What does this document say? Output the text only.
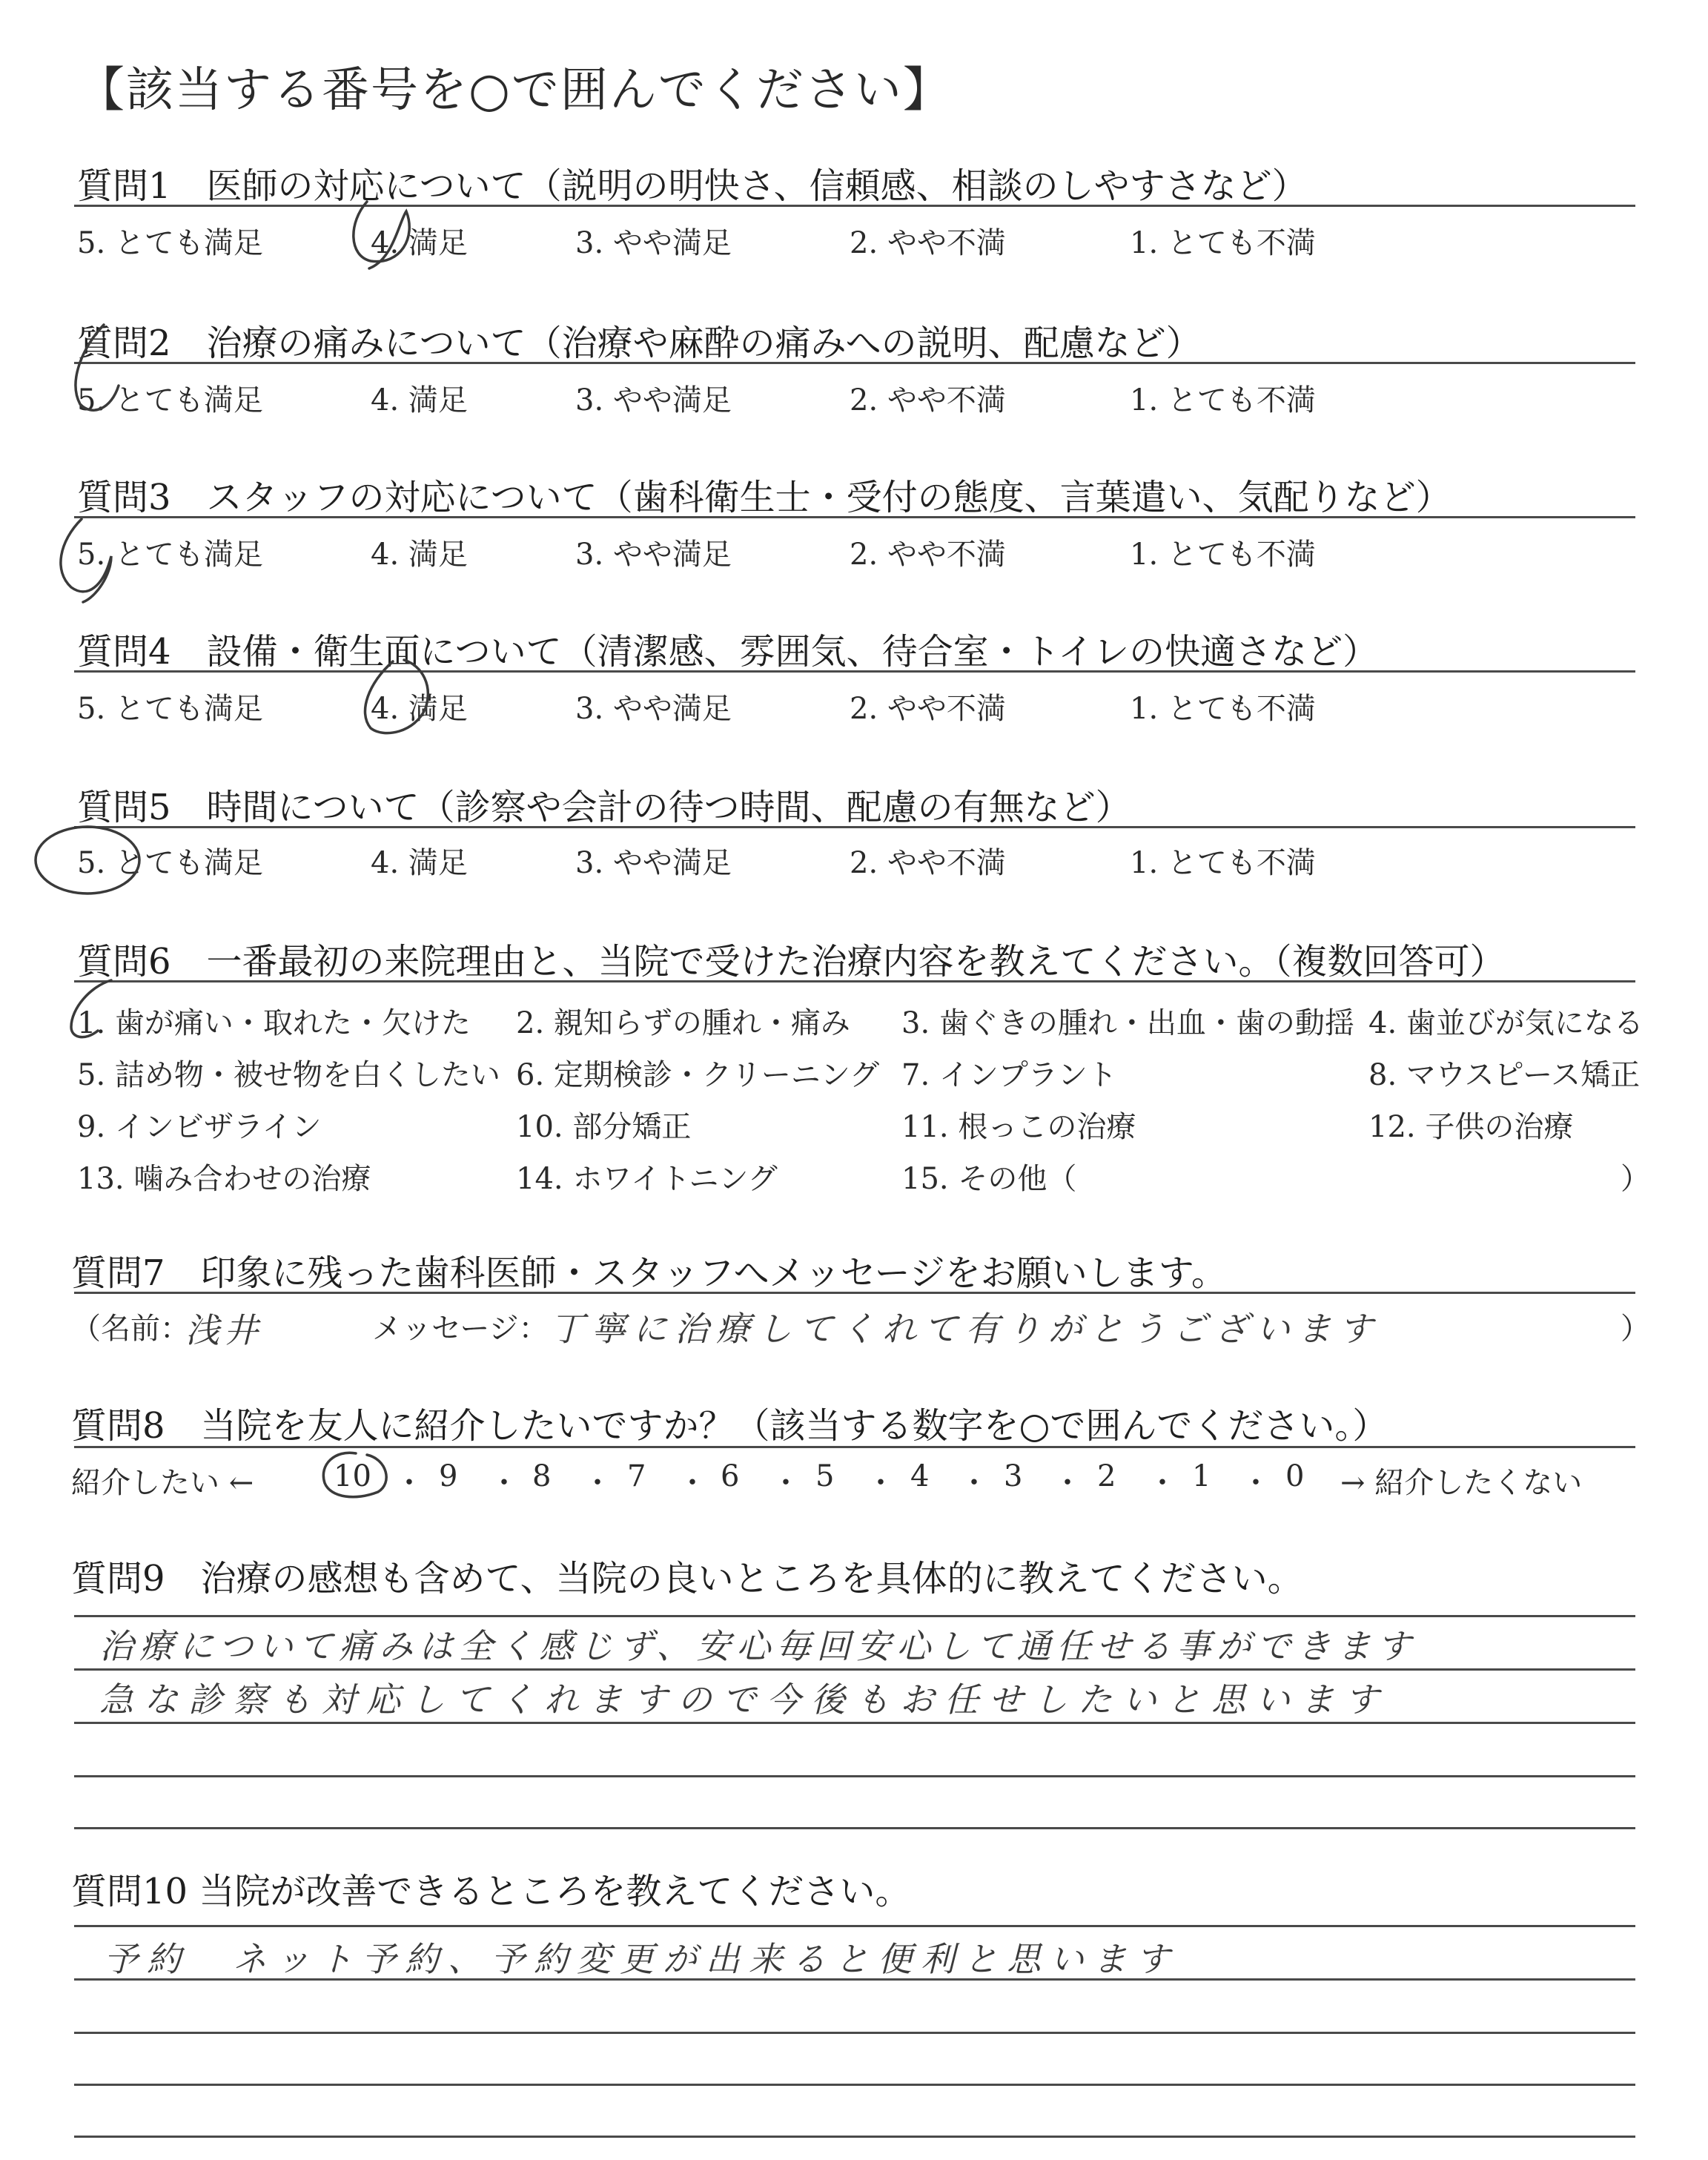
【該当する番号を○で囲んでください】
質問1　医師の対応について（説明の明快さ、信頼感、相談のしやすさなど）
5. とても満足	4. 満足	3. やや満足	2. やや不満	1. とても不満
質問2　治療の痛みについて（治療や麻酔の痛みへの説明、配慮など）
5. とても満足	4. 満足	3. やや満足	2. やや不満	1. とても不満
質問3　スタッフの対応について（歯科衛生士・受付の態度、言葉遣い、気配りなど）
5. とても満足	4. 満足	3. やや満足	2. やや不満	1. とても不満
質問4　設備・衛生面について（清潔感、雰囲気、待合室・トイレの快適さなど）
5. とても満足	4. 満足	3. やや満足	2. やや不満	1. とても不満
質問5　時間について（診察や会計の待つ時間、配慮の有無など）
5. とても満足	4. 満足	3. やや満足	2. やや不満	1. とても不満
質問6　一番最初の来院理由と、当院で受けた治療内容を教えてください。（複数回答可）
1. 歯が痛い・取れた・欠けた 2. 親知らずの腫れ・痛み 3. 歯ぐきの腫れ・出血・歯の動揺 4. 歯並びが気になる
5. 詰め物・被せ物を白くしたい 6. 定期検診・クリーニング 7. インプラント	8. マウスピース矯正
9. インビザライン	10. 部分矯正	11. 根っこの治療	12. 子供の治療
13. 噛み合わせの治療	14. ホワイトニング	15. その他（	）
質問7　印象に残った歯科医師・スタッフへメッセージをお願いします。
（名前：
浅井	メッセージ： 丁寧に治療してくれて有りがとうございます	）
質問8　当院を友人に紹介したいですか？（該当する数字を○で囲んでください。）
紹介したい ←	10 ・ 9 ・ 8 ・ 7 ・ 6 ・ 5 ・ 4 ・ 3 ・ 2 ・ 1 ・ 0 → 紹介したくない
質問9　治療の感想も含めて、当院の良いところを具体的に教えてください。
治療について痛みは全く感じず、安心毎回安心して通任せる事ができます
急な診察も対応してくれますので今後もお任せしたいと思います
質問10 当院が改善できるところを教えてください。
予約　ネット予約、予約変更が出来ると便利と思います
